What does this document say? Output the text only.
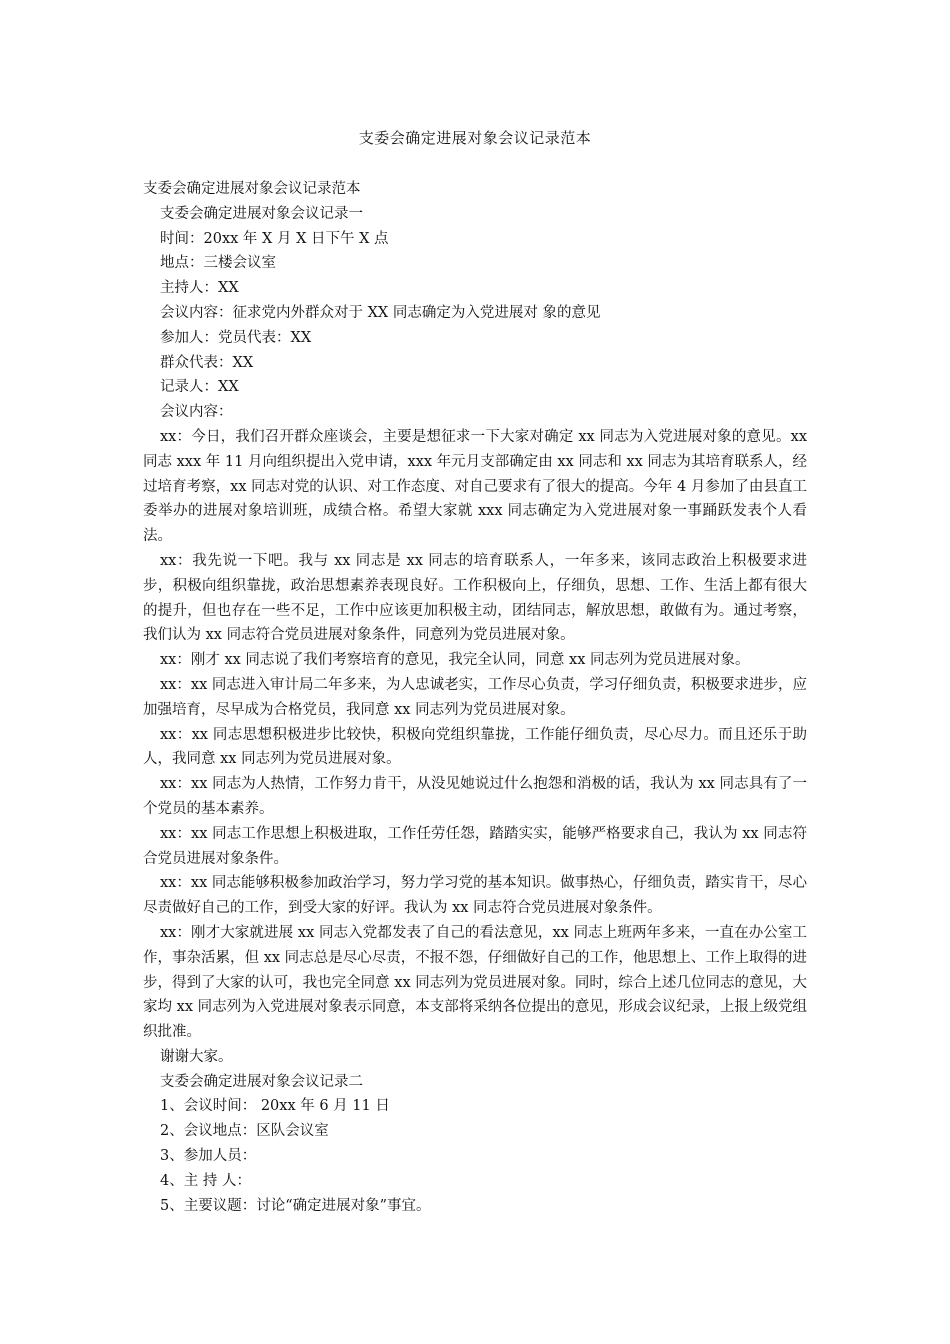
支委会确定进展对象会议记录范本

支委会确定进展对象会议记录范本

支委会确定进展对象会议记录一

时间：20xx 年 X 月 X 日下午 X 点

地点：三楼会议室

主持人：XX

会议内容：征求党内外群众对于 XX 同志确定为入党进展对 象的意见

参加人：党员代表：XX

群众代表：XX

记录人：XX

会议内容：

xx：今日，我们召开群众座谈会，主要是想征求一下大家对确定 xx 同志为入党进展对象的意见。xx 同志 xxx 年 11 月向组织提出入党申请，xxx 年元月支部确定由 xx 同志和 xx 同志为其培育联系人，经过培育考察，xx 同志对党的认识、对工作态度、对自己要求有了很大的提高。今年 4 月参加了由县直工委举办的进展对象培训班，成绩合格。希望大家就 xxx 同志确定为入党进展对象一事踊跃发表个人看法。

xx：我先说一下吧。我与 xx 同志是 xx 同志的培育联系人，一年多来，该同志政治上积极要求进步，积极向组织靠拢，政治思想素养表现良好。工作积极向上，仔细负，思想、工作、生活上都有很大的提升，但也存在一些不足，工作中应该更加积极主动，团结同志，解放思想，敢做有为。通过考察，我们认为 xx 同志符合党员进展对象条件，同意列为党员进展对象。

xx：刚才 xx 同志说了我们考察培育的意见，我完全认同，同意 xx 同志列为党员进展对象。

xx：xx 同志进入审计局二年多来，为人忠诚老实，工作尽心负责，学习仔细负责，积极要求进步，应加强培育，尽早成为合格党员，我同意 xx 同志列为党员进展对象。

xx：xx 同志思想积极进步比较快，积极向党组织靠拢，工作能仔细负责，尽心尽力。而且还乐于助人，我同意 xx 同志列为党员进展对象。

xx：xx 同志为人热情，工作努力肯干，从没见她说过什么抱怨和消极的话，我认为 xx 同志具有了一个党员的基本素养。

xx：xx 同志工作思想上积极进取，工作任劳任怨，踏踏实实，能够严格要求自己，我认为 xx 同志符合党员进展对象条件。

xx：xx 同志能够积极参加政治学习，努力学习党的基本知识。做事热心，仔细负责，踏实肯干，尽心尽责做好自己的工作，到受大家的好评。我认为 xx 同志符合党员进展对象条件。

xx：刚才大家就进展 xx 同志入党都发表了自己的看法意见，xx 同志上班两年多来，一直在办公室工作，事杂活累，但 xx 同志总是尽心尽责，不报不怨，仔细做好自己的工作，他思想上、工作上取得的进步，得到了大家的认可，我也完全同意 xx 同志列为党员进展对象。同时，综合上述几位同志的意见，大家均 xx 同志列为入党进展对象表示同意，本支部将采纳各位提出的意见，形成会议纪录，上报上级党组织批准。

谢谢大家。

支委会确定进展对象会议记录二

1、会议时间： 20xx 年 6 月 11 日

2、会议地点：区队会议室

3、参加人员：

4、主 持 人：

5、主要议题：讨论“确定进展对象”事宜。
